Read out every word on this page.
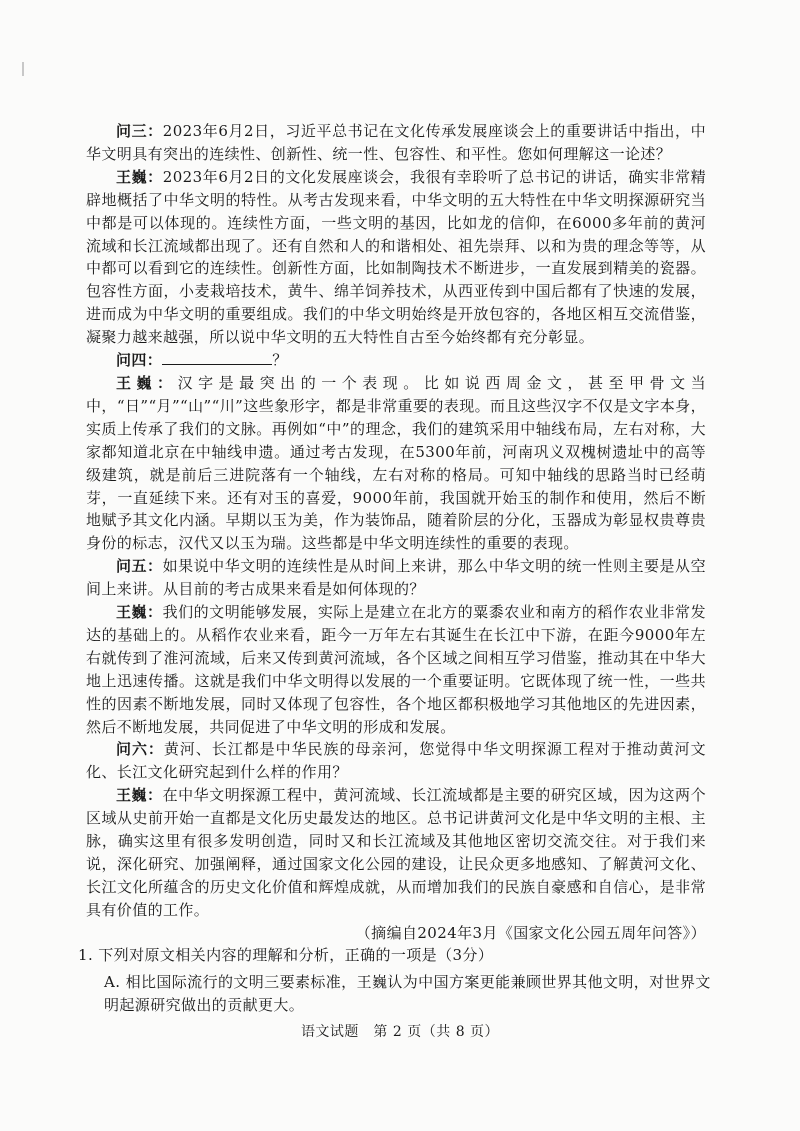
问三：2023年6月2日，习近平总书记在文化传承发展座谈会上的重要讲话中指出，中华文明具有突出的连续性、创新性、统一性、包容性、和平性。您如何理解这一论述？

王巍：2023年6月2日的文化发展座谈会，我很有幸聆听了总书记的讲话，确实非常精辟地概括了中华文明的特性。从考古发现来看，中华文明的五大特性在中华文明探源研究当中都是可以体现的。连续性方面，一些文明的基因，比如龙的信仰，在6000多年前的黄河流域和长江流域都出现了。还有自然和人的和谐相处、祖先崇拜、以和为贵的理念等等，从中都可以看到它的连续性。创新性方面，比如制陶技术不断进步，一直发展到精美的瓷器。包容性方面，小麦栽培技术，黄牛、绵羊饲养技术，从西亚传到中国后都有了快速的发展，进而成为中华文明的重要组成。我们的中华文明始终是开放包容的，各地区相互交流借鉴，凝聚力越来越强，所以说中华文明的五大特性自古至今始终都有充分彰显。

问四：	？

王巍：汉字是最突出的一个表现。比如说西周金文，甚至甲骨文当中，“日”“月”“山”“川”这些象形字，都是非常重要的表现。而且这些汉字不仅是文字本身，实质上传承了我们的文脉。再例如“中”的理念，我们的建筑采用中轴线布局，左右对称，大家都知道北京在中轴线申遗。通过考古发现，在5300年前，河南巩义双槐树遗址中的高等级建筑，就是前后三进院落有一个轴线，左右对称的格局。可知中轴线的思路当时已经萌芽，一直延续下来。还有对玉的喜爱，9000年前，我国就开始玉的制作和使用，然后不断地赋予其文化内涵。早期以玉为美，作为装饰品，随着阶层的分化，玉器成为彰显权贵尊贵身份的标志，汉代又以玉为瑞。这些都是中华文明连续性的重要的表现。

问五：如果说中华文明的连续性是从时间上来讲，那么中华文明的统一性则主要是从空间上来讲。从目前的考古成果来看是如何体现的？

王巍：我们的文明能够发展，实际上是建立在北方的粟黍农业和南方的稻作农业非常发达的基础上的。从稻作农业来看，距今一万年左右其诞生在长江中下游，在距今9000年左右就传到了淮河流域，后来又传到黄河流域，各个区域之间相互学习借鉴，推动其在中华大地上迅速传播。这就是我们中华文明得以发展的一个重要证明。它既体现了统一性，一些共性的因素不断地发展，同时又体现了包容性，各个地区都积极地学习其他地区的先进因素，然后不断地发展，共同促进了中华文明的形成和发展。

问六：黄河、长江都是中华民族的母亲河，您觉得中华文明探源工程对于推动黄河文化、长江文化研究起到什么样的作用？

王巍：在中华文明探源工程中，黄河流域、长江流域都是主要的研究区域，因为这两个区域从史前开始一直都是文化历史最发达的地区。总书记讲黄河文化是中华文明的主根、主脉，确实这里有很多发明创造，同时又和长江流域及其他地区密切交流交往。对于我们来说，深化研究、加强阐释，通过国家文化公园的建设，让民众更多地感知、了解黄河文化、长江文化所蕴含的历史文化价值和辉煌成就，从而增加我们的民族自豪感和自信心，是非常具有价值的工作。

（摘编自2024年3月《国家文化公园五周年问答》）

1. 下列对原文相关内容的理解和分析，正确的一项是（3分）

A. 相比国际流行的文明三要素标准，王巍认为中国方案更能兼顾世界其他文明，对世界文明起源研究做出的贡献更大。

语文试题　第 2 页（共 8 页）
